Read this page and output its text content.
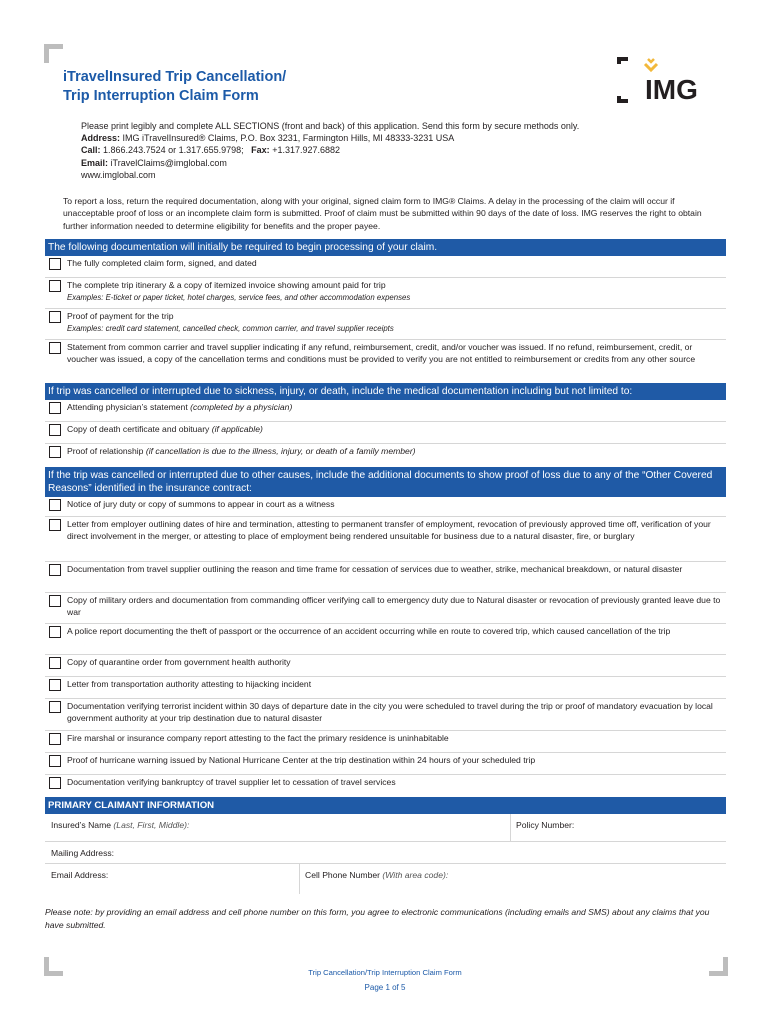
iTravelInsured Trip Cancellation/
Trip Interruption Claim Form	IMG
Please print legibly and complete ALL SECTIONS (front and back) of this application. Send this form by secure methods only.
Address: IMG iTravelInsured® Claims, P.O. Box 3231, Farmington Hills, MI 48333-3231 USA
Call: 1.866.243.7524 or 1.317.655.9798; Fax: +1.317.927.6882
Email: iTravelClaims@imglobal.com
www.imglobal.com
To report a loss, return the required documentation, along with your original, signed claim form to IMG® Claims. A delay in the processing of the claim will occur if unacceptable proof of loss or an incomplete claim form is submitted. Proof of claim must be submitted within 90 days of the date of loss. IMG reserves the right to obtain further information needed to determine eligibility for benefits and the proper payee.
The following documentation will initially be required to begin processing of your claim.
The fully completed claim form, signed, and dated
The complete trip itinerary & a copy of itemized invoice showing amount paid for trip
Examples: E-ticket or paper ticket, hotel charges, service fees, and other accommodation expenses
Proof of payment for the trip
Examples: credit card statement, cancelled check, common carrier, and travel supplier receipts
Statement from common carrier and travel supplier indicating if any refund, reimbursement, credit, and/or voucher was issued. If no refund, reimbursement, credit, or voucher was issued, a copy of the cancellation terms and conditions must be provided to verify you are not entitled to reimbursement or credits from any other source
If trip was cancelled or interrupted due to sickness, injury, or death, include the medical documentation including but not limited to:
Attending physician’s statement (completed by a physician)
Copy of death certificate and obituary (if applicable)
Proof of relationship (if cancellation is due to the illness, injury, or death of a family member)
If the trip was cancelled or interrupted due to other causes, include the additional documents to show proof of loss due to any of the “Other Covered Reasons” identified in the insurance contract:
Notice of jury duty or copy of summons to appear in court as a witness
Letter from employer outlining dates of hire and termination, attesting to permanent transfer of employment, revocation of previously approved time off, verification of your direct involvement in the merger, or attesting to place of employment being rendered unsuitable for business due to a natural disaster, fire, or burglary
Documentation from travel supplier outlining the reason and time frame for cessation of services due to weather, strike, mechanical breakdown, or natural disaster
Copy of military orders and documentation from commanding officer verifying call to emergency duty due to Natural disaster or revocation of previously granted leave due to war
A police report documenting the theft of passport or the occurrence of an accident occurring while en route to covered trip, which caused cancellation of the trip
Copy of quarantine order from government health authority
Letter from transportation authority attesting to hijacking incident
Documentation verifying terrorist incident within 30 days of departure date in the city you were scheduled to travel during the trip or proof of mandatory evacuation by local government authority at your trip destination due to natural disaster
Fire marshal or insurance company report attesting to the fact the primary residence is uninhabitable
Proof of hurricane warning issued by National Hurricane Center at the trip destination within 24 hours of your scheduled trip
Documentation verifying bankruptcy of travel supplier let to cessation of travel services
PRIMARY CLAIMANT INFORMATION
Insured’s Name (Last, First, Middle):	Policy Number:
Mailing Address:
Email Address:	Cell Phone Number (With area code):
Please note: by providing an email address and cell phone number on this form, you agree to electronic communications (including emails and SMS) about any claims that you have submitted.
Trip Cancellation/Trip Interruption Claim Form
Page 1 of 5
